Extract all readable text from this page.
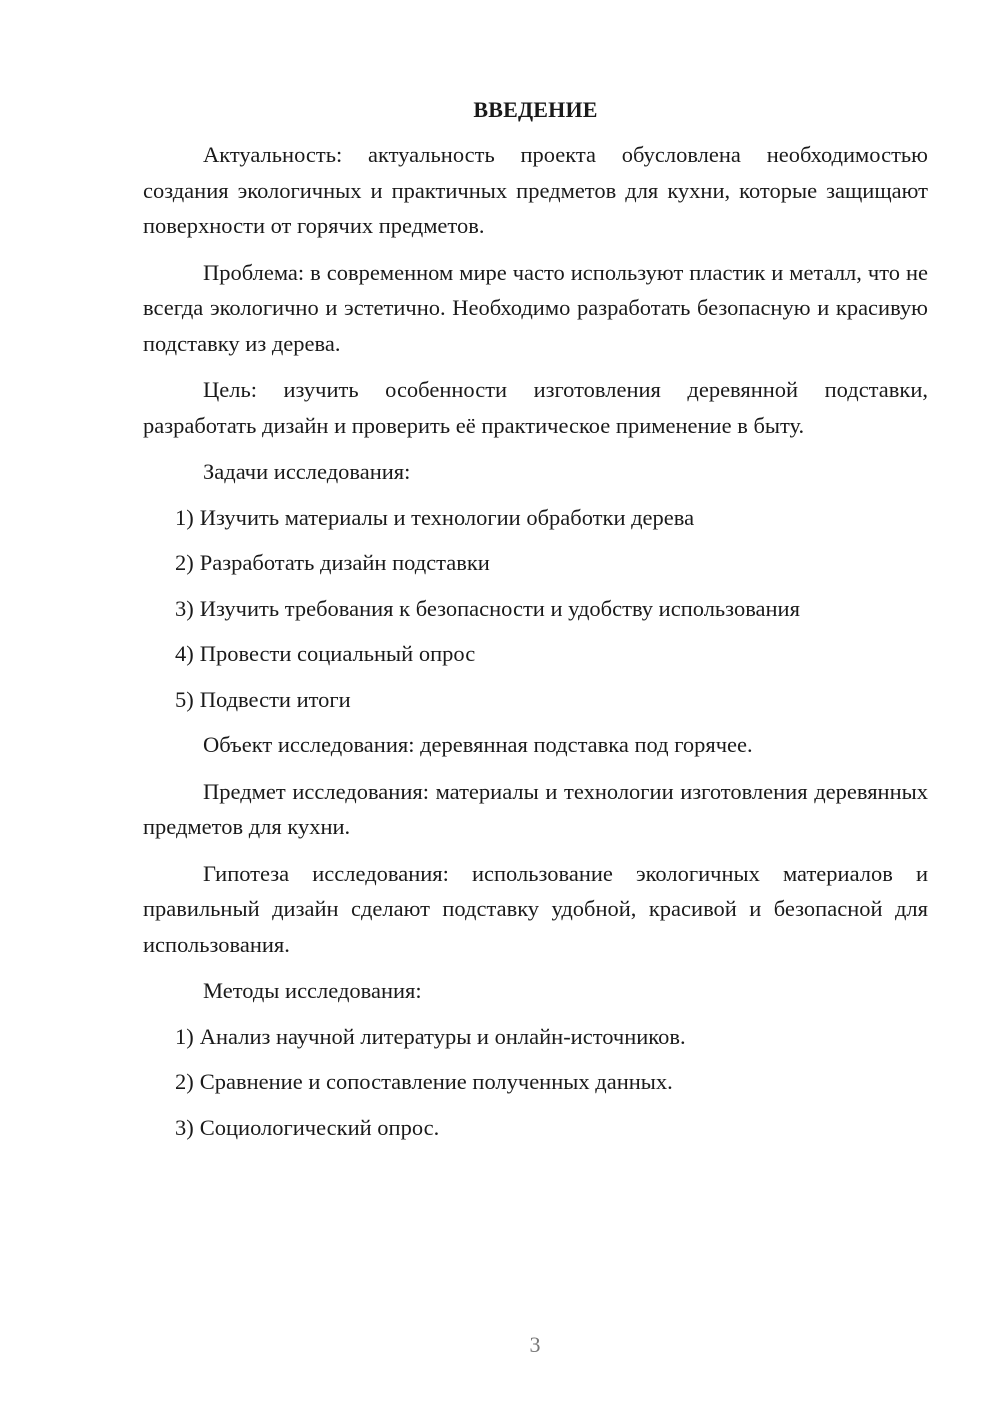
ВВЕДЕНИЕ

Актуальность: актуальность проекта обусловлена необходимостью создания экологичных и практичных предметов для кухни, которые защищают поверхности от горячих предметов.

Проблема: в современном мире часто используют пластик и металл, что не всегда экологично и эстетично. Необходимо разработать безопасную и красивую подставку из дерева.

Цель: изучить особенности изготовления деревянной подставки, разработать дизайн и проверить её практическое применение в быту.

Задачи исследования:

1) Изучить материалы и технологии обработки дерева
2) Разработать дизайн подставки
3) Изучить требования к безопасности и удобству использования
4) Провести социальный опрос
5) Подвести итоги

Объект исследования: деревянная подставка под горячее.

Предмет исследования: материалы и технологии изготовления деревянных предметов для кухни.

Гипотеза исследования: использование экологичных материалов и правильный дизайн сделают подставку удобной, красивой и безопасной для использования.

Методы исследования:

1) Анализ научной литературы и онлайн-источников.
2) Сравнение и сопоставление полученных данных.
3) Социологический опрос.
3
